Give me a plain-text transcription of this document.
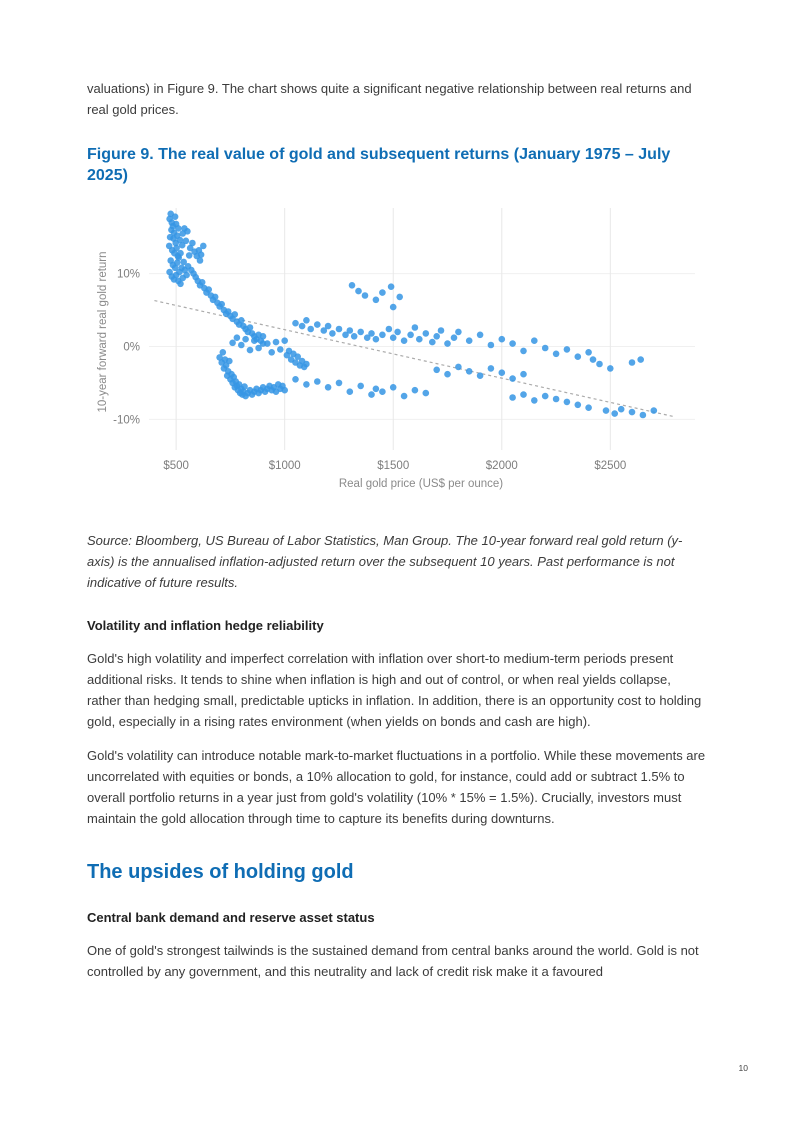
valuations) in Figure 9. The chart shows quite a significant negative relationship between real returns and real gold prices.

Figure 9. The real value of gold and subsequent returns (January 1975 – July 2025)
10-year forward real gold return 10%
0%
-10%
$500	$1000	$1500	$2000	$2500
Real gold price (US$ per ounce)

Source: Bloomberg, US Bureau of Labor Statistics, Man Group. The 10-year forward real gold return (y-axis) is the annualised inflation-adjusted return over the subsequent 10 years. Past performance is not indicative of future results.

Volatility and inflation hedge reliability

Gold's high volatility and imperfect correlation with inflation over short-to medium-term periods present additional risks. It tends to shine when inflation is high and out of control, or when real yields collapse, rather than hedging small, predictable upticks in inflation. In addition, there is an opportunity cost to holding gold, especially in a rising rates environment (when yields on bonds and cash are high).

Gold's volatility can introduce notable mark-to-market fluctuations in a portfolio. While these movements are uncorrelated with equities or bonds, a 10% allocation to gold, for instance, could add or subtract 1.5% to overall portfolio returns in a year just from gold's volatility (10% * 15% = 1.5%). Crucially, investors must maintain the gold allocation through time to capture its benefits during downturns.

The upsides of holding gold
Central bank demand and reserve asset status

One of gold's strongest tailwinds is the sustained demand from central banks around the world. Gold is not controlled by any government, and this neutrality and lack of credit risk make it a favoured

10
